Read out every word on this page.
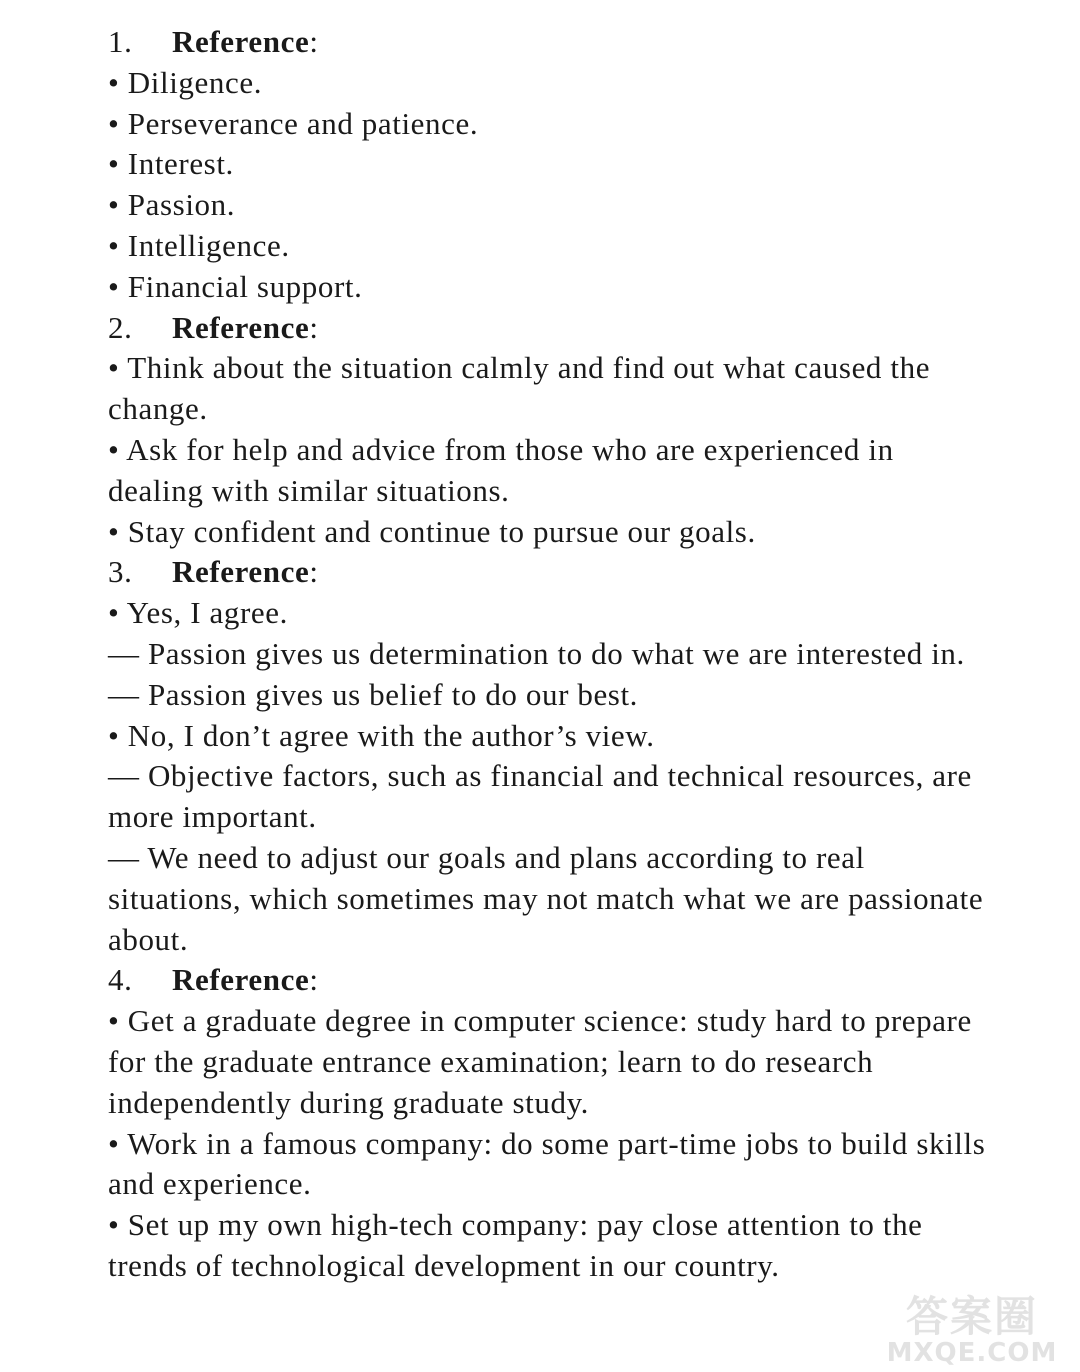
1.	Reference :

• Diligence.

• Perseverance and patience.

• Interest.

• Passion.

• Intelligence.

• Financial support.

2.	Reference :

• Think about the situation calmly and find out what caused the change.

• Ask for help and advice from those who are experienced in dealing with similar situations.

• Stay confident and continue to pursue our goals.

3.	Reference :

• Yes, I agree.

— Passion gives us determination to do what we are interested in.

— Passion gives us belief to do our best.

• No, I don’t agree with the author’s view.

— Objective factors, such as financial and technical resources, are more important.

— We need to adjust our goals and plans according to real situations, which sometimes may not match what we are passionate about.

4.	Reference :

• Get a graduate degree in computer science: study hard to prepare for the graduate entrance examination; learn to do research independently during graduate study.

• Work in a famous company: do some part-time jobs to build skills and experience.

• Set up my own high-tech company: pay close attention to the trends of technological development in our country.

答案圈
MXQE.COM
